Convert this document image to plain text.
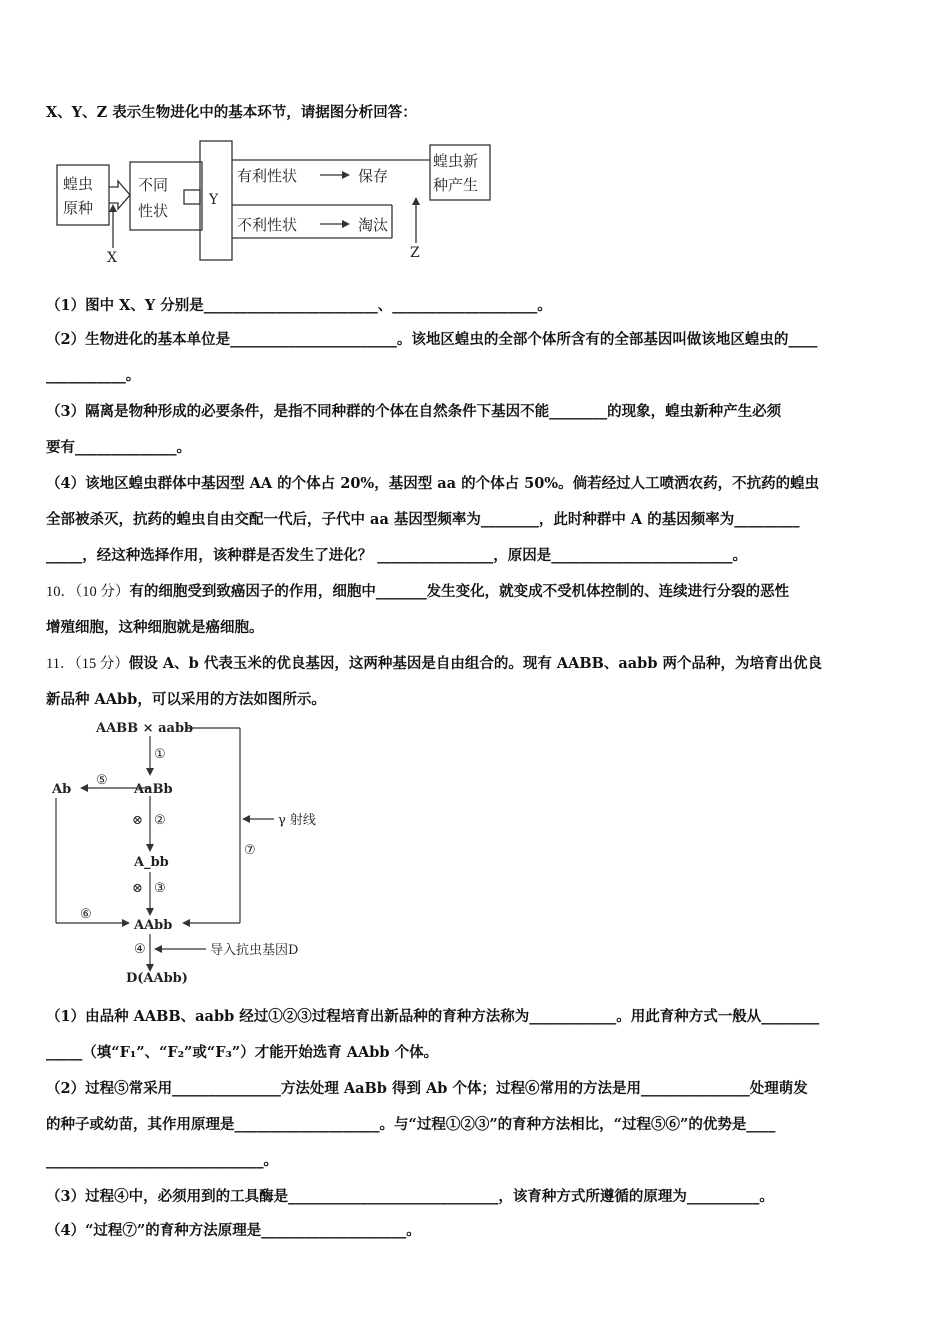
X、Y、Z 表示生物进化中的基本环节，请据图分析回答：
蝗虫
原种
不同
性状
Y
有利性状	保存
不利性状	淘汰
蝗虫新
种产生
X	Z
（1）图中 X、Y 分别是________________________、____________________。
（2）生物进化的基本单位是_______________________。该地区蝗虫的全部个体所含有的全部基因叫做该地区蝗虫的____
___________。
（3）隔离是物种形成的必要条件，是指不同种群的个体在自然条件下基因不能________的现象，蝗虫新种产生必须
要有______________。
（4）该地区蝗虫群体中基因型 AA 的个体占 20%，基因型 aa 的个体占 50%。倘若经过人工喷洒农药，不抗药的蝗虫
全部被杀灭，抗药的蝗虫自由交配一代后，子代中 aa 基因型频率为________，此时种群中 A 的基因频率为_________
_____，经这种选择作用，该种群是否发生了进化？ ________________，原因是_________________________。
10．（10 分）有的细胞受到致癌因子的作用，细胞中_______发生变化，就变成不受机体控制的、连续进行分裂的恶性
增殖细胞，这种细胞就是癌细胞。
11．（15 分）假设 A、b 代表玉米的优良基因，这两种基因是自由组合的。现有 AABB、aabb 两个品种，为培育出优良
新品种 AAbb，可以采用的方法如图所示。
AABB × aabb
AaBb
Ab
A_bb
AAbb
D(AAbb)
γ 射线
导入抗虫基因D
①
②
⊗
③
⊗
④
⑤
⑥
⑦
（1）由品种 AABB、aabb 经过①②③过程培育出新品种的育种方法称为____________。用此育种方式一般从________
_____（填“F₁”、“F₂”或“F₃”）才能开始选育 AAbb 个体。
（2）过程⑤常采用_______________方法处理 AaBb 得到 Ab 个体；过程⑥常用的方法是用_______________处理萌发
的种子或幼苗，其作用原理是____________________。与“过程①②③”的育种方法相比，“过程⑤⑥”的优势是____
______________________________。
（3）过程④中，必须用到的工具酶是_____________________________，该育种方式所遵循的原理为__________。
（4）“过程⑦”的育种方法原理是____________________。
